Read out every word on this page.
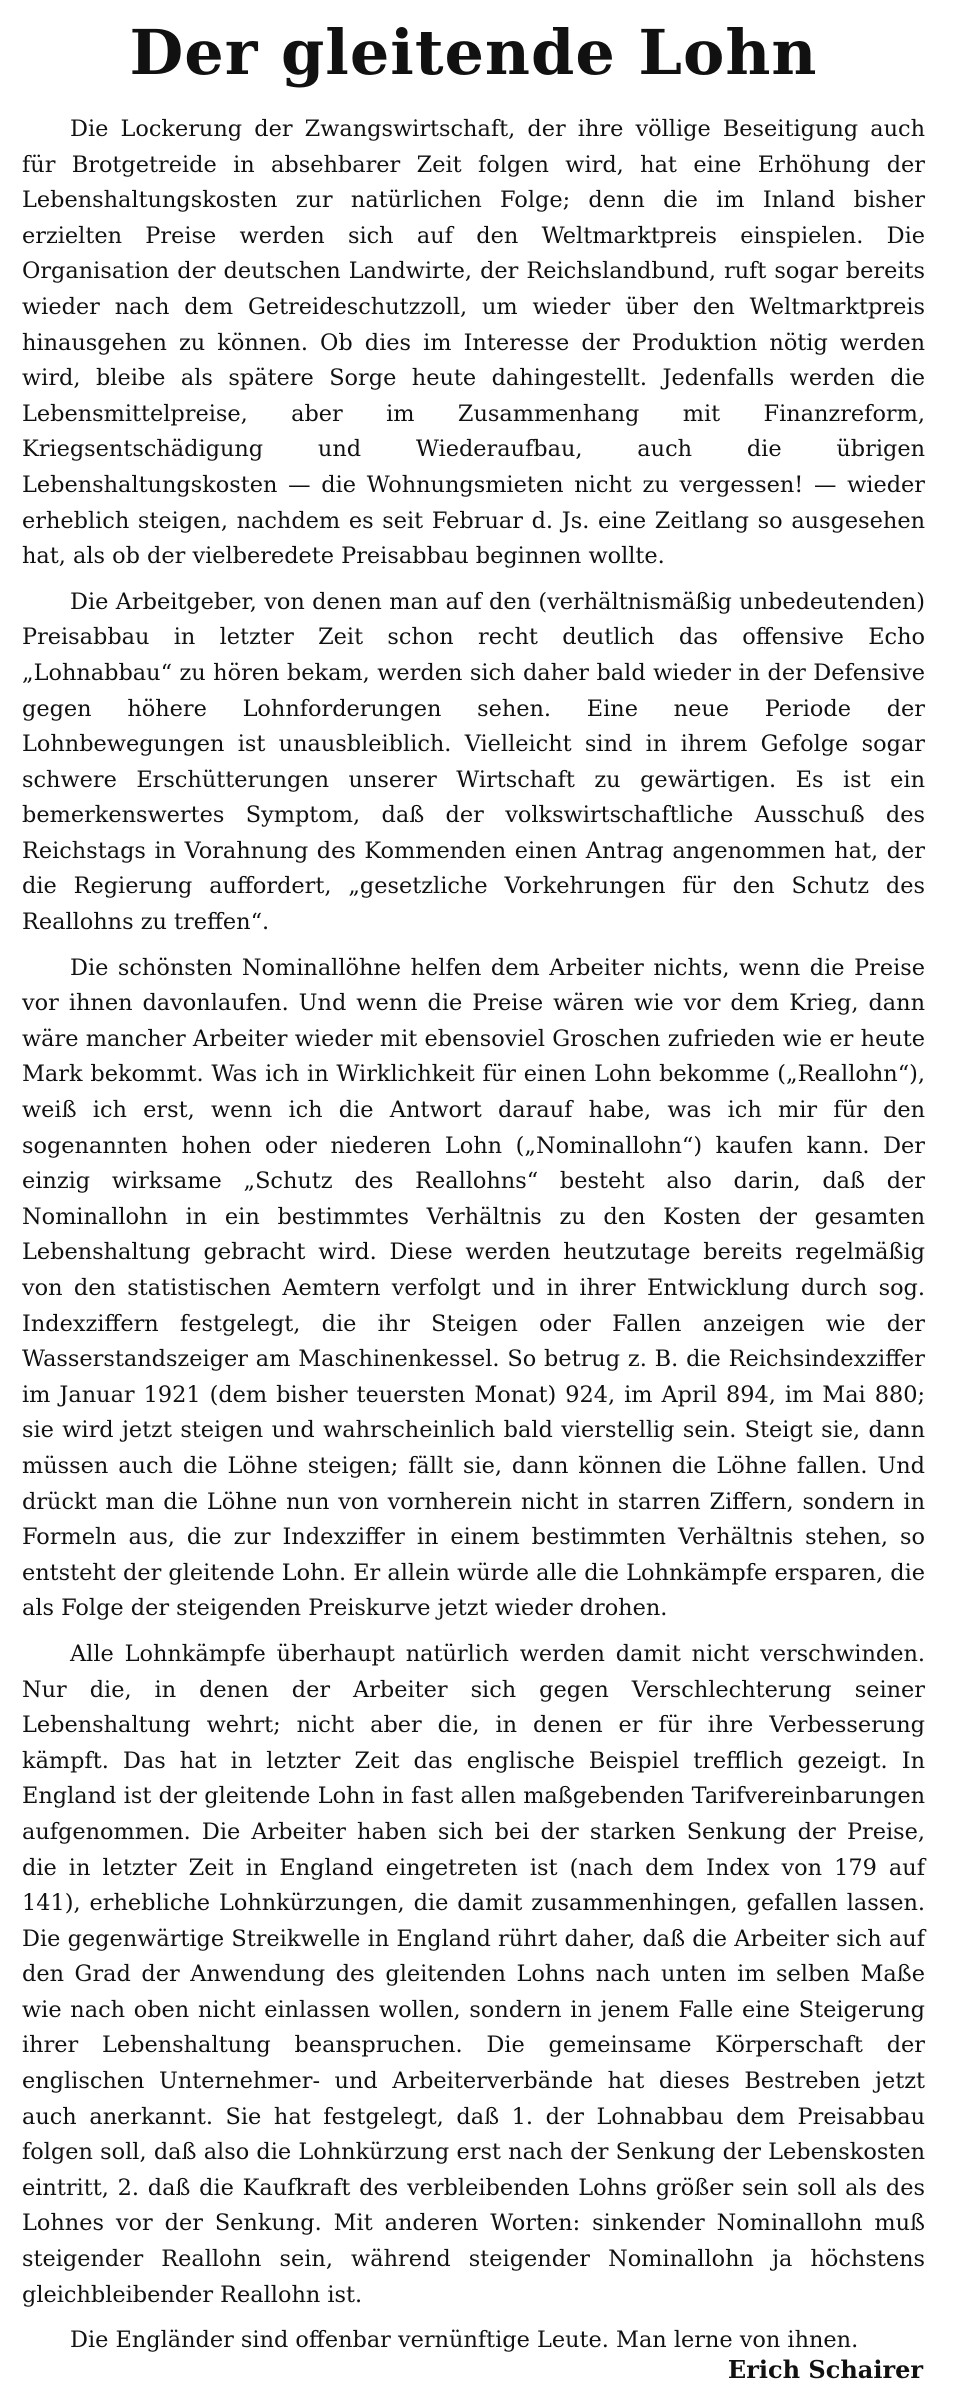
Der gleitende Lohn

Die Lockerung der Zwangswirtschaft, der ihre völlige Beseitigung auch für Brotgetreide in absehbarer Zeit folgen wird, hat eine Erhöhung der Lebenshaltungskosten zur natürlichen Folge; denn die im Inland bisher erzielten Preise werden sich auf den Weltmarktpreis einspielen. Die Organisation der deutschen Landwirte, der Reichslandbund, ruft sogar bereits wieder nach dem Getreideschutzzoll, um wieder über den Weltmarktpreis hinausgehen zu können. Ob dies im Interesse der Produktion nötig werden wird, bleibe als spätere Sorge heute dahingestellt. Jedenfalls werden die Lebensmittelpreise, aber im Zusammenhang mit Finanzreform, Kriegsentschädigung und Wiederaufbau, auch die übrigen Lebenshaltungskosten — die Wohnungsmieten nicht zu vergessen! — wieder erheblich steigen, nachdem es seit Februar d. Js. eine Zeitlang so ausgesehen hat, als ob der vielberedete Preisabbau beginnen wollte.

Die Arbeitgeber, von denen man auf den (verhältnismäßig unbedeutenden) Preisabbau in letzter Zeit schon recht deutlich das offensive Echo „Lohnabbau“ zu hören bekam, werden sich daher bald wieder in der Defensive gegen höhere Lohnforderungen sehen. Eine neue Periode der Lohnbewegungen ist unausbleiblich. Vielleicht sind in ihrem Gefolge sogar schwere Erschütterungen unserer Wirtschaft zu gewärtigen. Es ist ein bemerkenswertes Symptom, daß der volkswirtschaftliche Ausschuß des Reichstags in Vorahnung des Kommenden einen Antrag angenommen hat, der die Regierung auffordert, „gesetzliche Vorkehrungen für den Schutz des Reallohns zu treffen“.

Die schönsten Nominallöhne helfen dem Arbeiter nichts, wenn die Preise vor ihnen davonlaufen. Und wenn die Preise wären wie vor dem Krieg, dann wäre mancher Arbeiter wieder mit ebensoviel Groschen zufrieden wie er heute Mark bekommt. Was ich in Wirklichkeit für einen Lohn bekomme („Reallohn“), weiß ich erst, wenn ich die Antwort darauf habe, was ich mir für den sogenannten hohen oder niederen Lohn („Nominallohn“) kaufen kann. Der einzig wirksame „Schutz des Reallohns“ besteht also darin, daß der Nominallohn in ein bestimmtes Verhältnis zu den Kosten der gesamten Lebenshaltung gebracht wird. Diese werden heutzutage bereits regelmäßig von den statistischen Aemtern verfolgt und in ihrer Entwicklung durch sog. Indexziffern festgelegt, die ihr Steigen oder Fallen anzeigen wie der Wasserstandszeiger am Maschinenkessel. So betrug z. B. die Reichsindexziffer im Januar 1921 (dem bisher teuersten Monat) 924, im April 894, im Mai 880; sie wird jetzt steigen und wahrscheinlich bald vierstellig sein. Steigt sie, dann müssen auch die Löhne steigen; fällt sie, dann können die Löhne fallen. Und drückt man die Löhne nun von vornherein nicht in starren Ziffern, sondern in Formeln aus, die zur Indexziffer in einem bestimmten Verhältnis stehen, so entsteht der gleitende Lohn. Er allein würde alle die Lohnkämpfe ersparen, die als Folge der steigenden Preiskurve jetzt wieder drohen.

Alle Lohnkämpfe überhaupt natürlich werden damit nicht verschwinden. Nur die, in denen der Arbeiter sich gegen Verschlechterung seiner Lebenshaltung wehrt; nicht aber die, in denen er für ihre Verbesserung kämpft. Das hat in letzter Zeit das englische Beispiel trefflich gezeigt. In England ist der gleitende Lohn in fast allen maßgebenden Tarifvereinbarungen aufgenommen. Die Arbeiter haben sich bei der starken Senkung der Preise, die in letzter Zeit in England eingetreten ist (nach dem Index von 179 auf 141), erhebliche Lohnkürzungen, die damit zusammenhingen, gefallen lassen. Die gegenwärtige Streikwelle in England rührt daher, daß die Arbeiter sich auf den Grad der Anwendung des gleitenden Lohns nach unten im selben Maße wie nach oben nicht einlassen wollen, sondern in jenem Falle eine Steigerung ihrer Lebenshaltung beanspruchen. Die gemeinsame Körperschaft der englischen Unternehmer- und Arbeiterverbände hat dieses Bestreben jetzt auch anerkannt. Sie hat festgelegt, daß 1. der Lohnabbau dem Preisabbau folgen soll, daß also die Lohnkürzung erst nach der Senkung der Lebenskosten eintritt, 2. daß die Kaufkraft des verbleibenden Lohns größer sein soll als des Lohnes vor der Senkung. Mit anderen Worten: sinkender Nominallohn muß steigender Reallohn sein, während steigender Nominallohn ja höchstens gleichbleibender Reallohn ist.

Die Engländer sind offenbar vernünftige Leute. Man lerne von ihnen.

Erich Schairer
